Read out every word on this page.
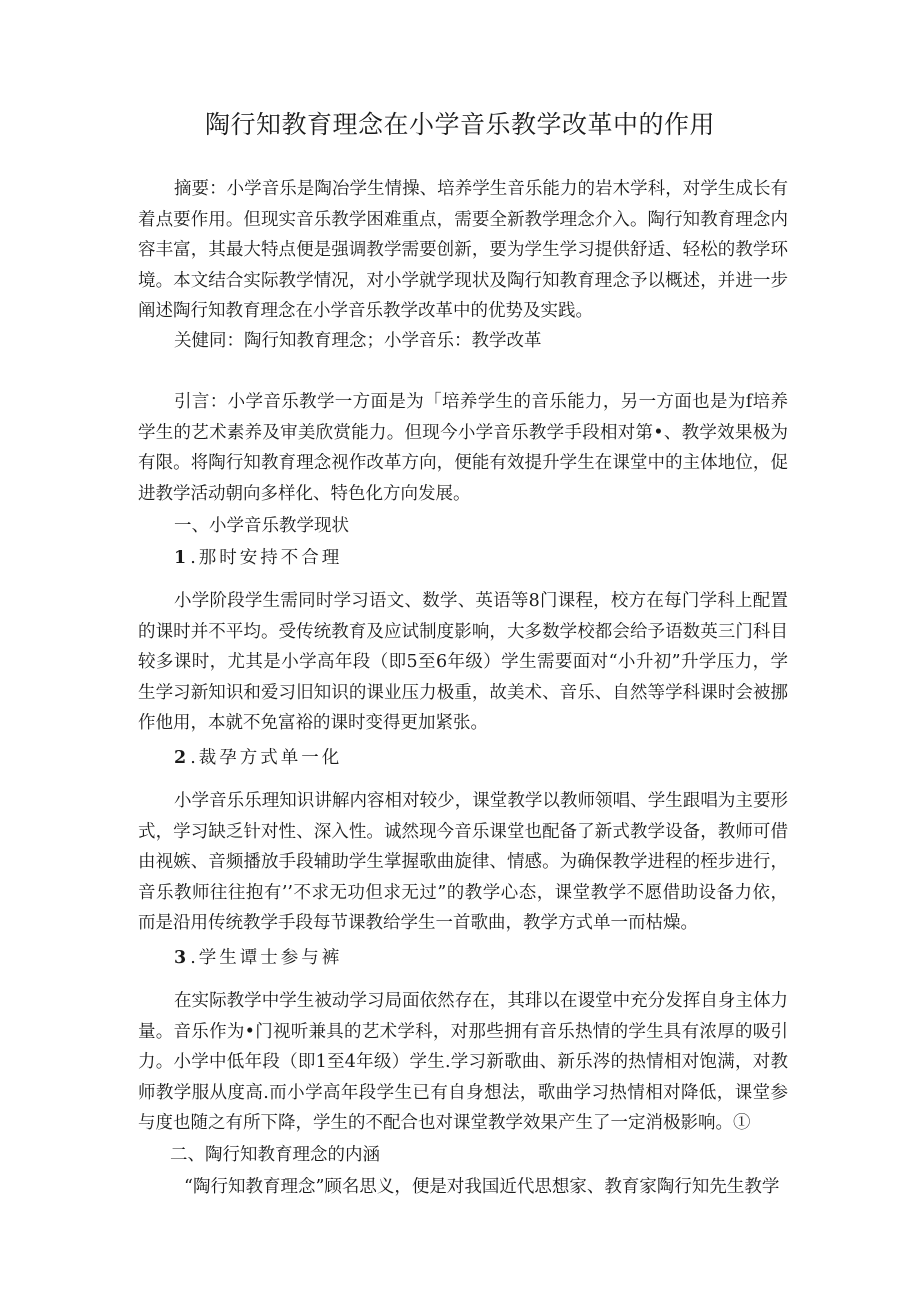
陶行知教育理念在小学音乐教学改革中的作用

摘要：小学音乐是陶冶学生情操、培养学生音乐能力的岩木学科，对学生成长有着点要作用。但现实音乐教学困难重点，需要全新教学理念介入。陶行知教育理念内容丰富，其最大特点便是强调教学需要创新，要为学生学习提供舒适、轻松的教学环境。本文结合实际教学情况，对小学就学现状及陶行知教育理念予以概述，并进一步阐述陶行知教育理念在小学音乐教学改革中的优势及实践。

关健同：陶行知教育理念；小学音乐：教学改革

引言：小学音乐教学一方面是为「培养学生的音乐能力，另一方面也是为f培养学生的艺术素养及审美欣赏能力。但现今小学音乐教学手段相对第•、教学效果极为有限。将陶行知教育理念视作改革方向，便能有效提升学生在课堂中的主体地位，促进教学活动朝向多样化、特色化方向发展。

一、小学音乐教学现状

1 .那时安持不合理

小学阶段学生需同时学习语文、数学、英语等8门课程，校方在每门学科上配置的课时并不平均。受传统教育及应试制度影响，大多数学校都会给予语数英三门科目较多课时，尤其是小学高年段（即5至6年级）学生需要面对“小升初”升学压力，学生学习新知识和爱习旧知识的课业压力极重，故美术、音乐、自然等学科课时会被挪作他用，本就不免富裕的课时变得更加紧张。

2 .裁孕方式单一化

小学音乐乐理知识讲解内容相对较少，课堂教学以教师领唱、学生跟唱为主要形式，学习缺乏针对性、深入性。诚然现今音乐课堂也配备了新式教学设备，教师可借由视嫉、音频播放手段辅助学生掌握歌曲旋律、情感。为确保教学进程的桎步进行，音乐教师往往抱有’’不求无功但求无过”的教学心态，课堂教学不愿借助设备力依，而是沿用传统教学手段每节课教给学生一首歌曲，教学方式单一而枯燥。

3 .学生谭士参与裤

在实际教学中学生被动学习局面依然存在，其琲以在谡堂中充分发挥自身主体力量。音乐作为•门视听兼具的艺术学科，对那些拥有音乐热情的学生具有浓厚的吸引力。小学中低年段（即1至4年级）学生.学习新歌曲、新乐涔的热情相对饱满，对教师教学服从度高.而小学高年段学生已有自身想法，歌曲学习热情相对降低，课堂参与度也随之有所下降，学生的不配合也对课堂教学效果产生了一定消极影响。①

二、陶行知教育理念的内涵

“陶行知教育理念”顾名思义，便是对我国近代思想家、教育家陶行知先生教学
